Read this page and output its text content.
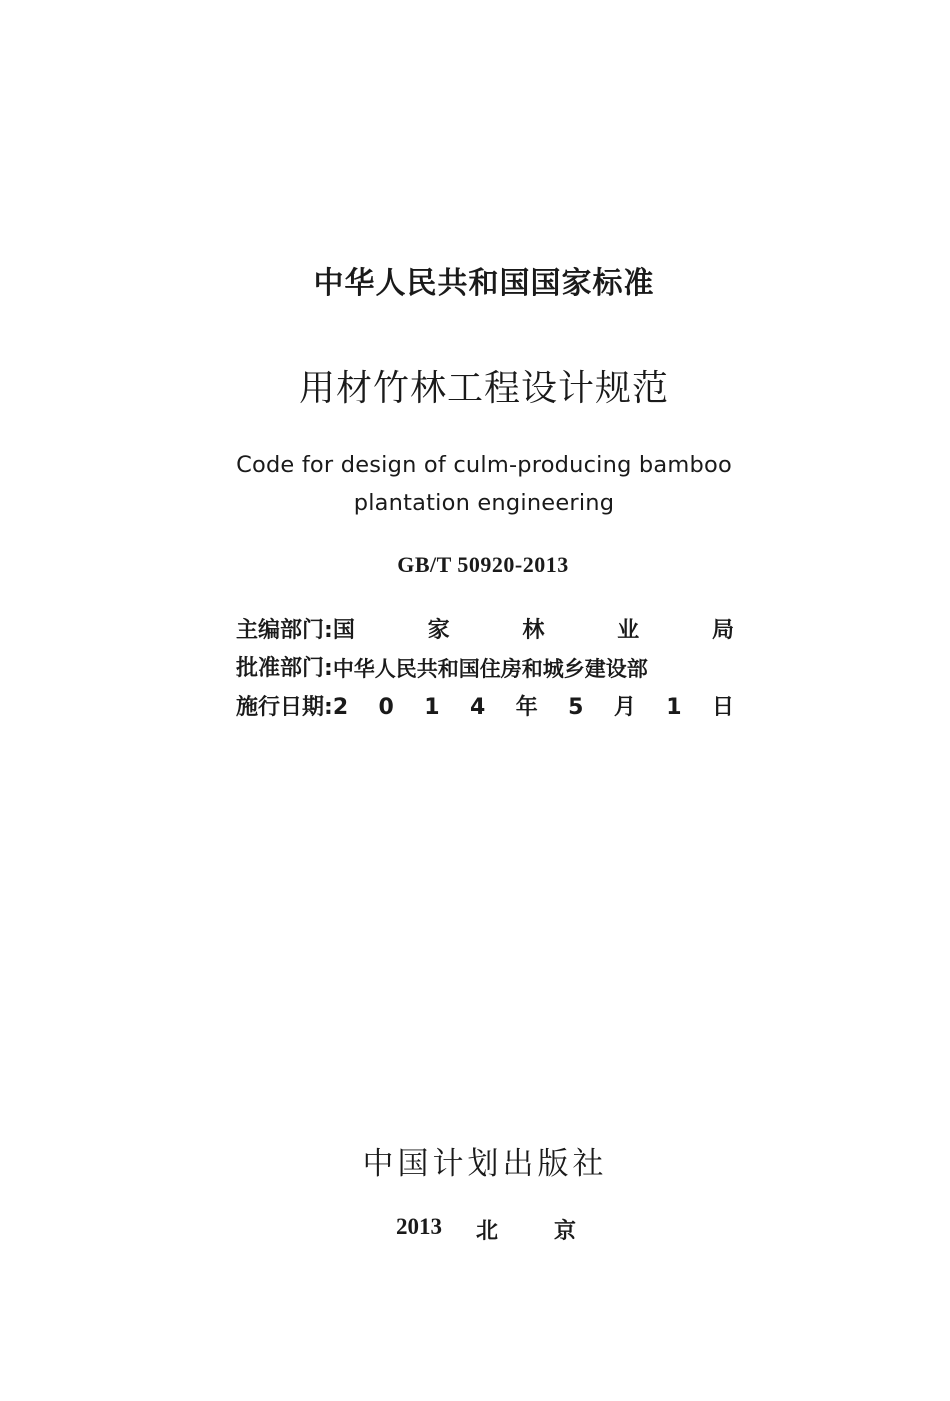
中华人民共和国国家标准
用材竹林工程设计规范
Code for design of culm-producing bamboo
plantation engineering
GB/T 50920-2013
主编部门: 国	家	林	业	局
批准部门: 中华人民共和国住房和城乡建设部
施行日期: 2 0 1 4 年 5 月 1 日
中国计划出版社
2013 北	京
